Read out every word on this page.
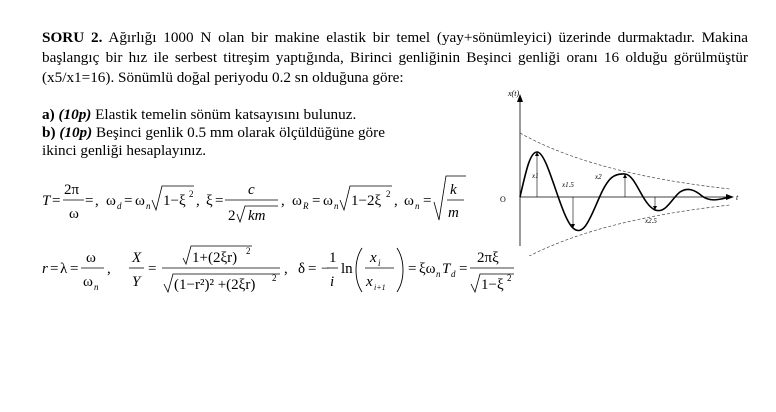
SORU 2. Ağırlığı 1000 N olan bir makine elastik bir temel (yay+sönümleyici) üzerinde durmaktadır. Makina başlangıç bir hız ile serbest titreşim yaptığında, Birinci genliğinin Beşinci genliği oranı 16 olduğu görülmüştür (x5/x1=16). Sönümlü doğal periyodu 0.2 sn olduğuna göre:
a) (10p) Elastik temelin sönüm katsayısını bulunuz.
b) (10p) Beşinci genlik 0.5 mm olarak ölçüldüğüne göre
ikinci genliği hesaplayınız.
x(t)
t
O
x1
x1.5
x2
x2.5
T =
2π
ω
= , ω d = ω n 1−ξ 2 , ξ =
c
2 km
, ω R = ω n 1−2ξ 2 , ω n =
k
m
r = λ =
ω
ω n
,
X
Y
=
1+(2ξr) 2
(1−r²)² +(2ξr) 2
, δ = −
1
i
ln
x i
x i+1
= ξω n T d =
2πξ
1−ξ 2
